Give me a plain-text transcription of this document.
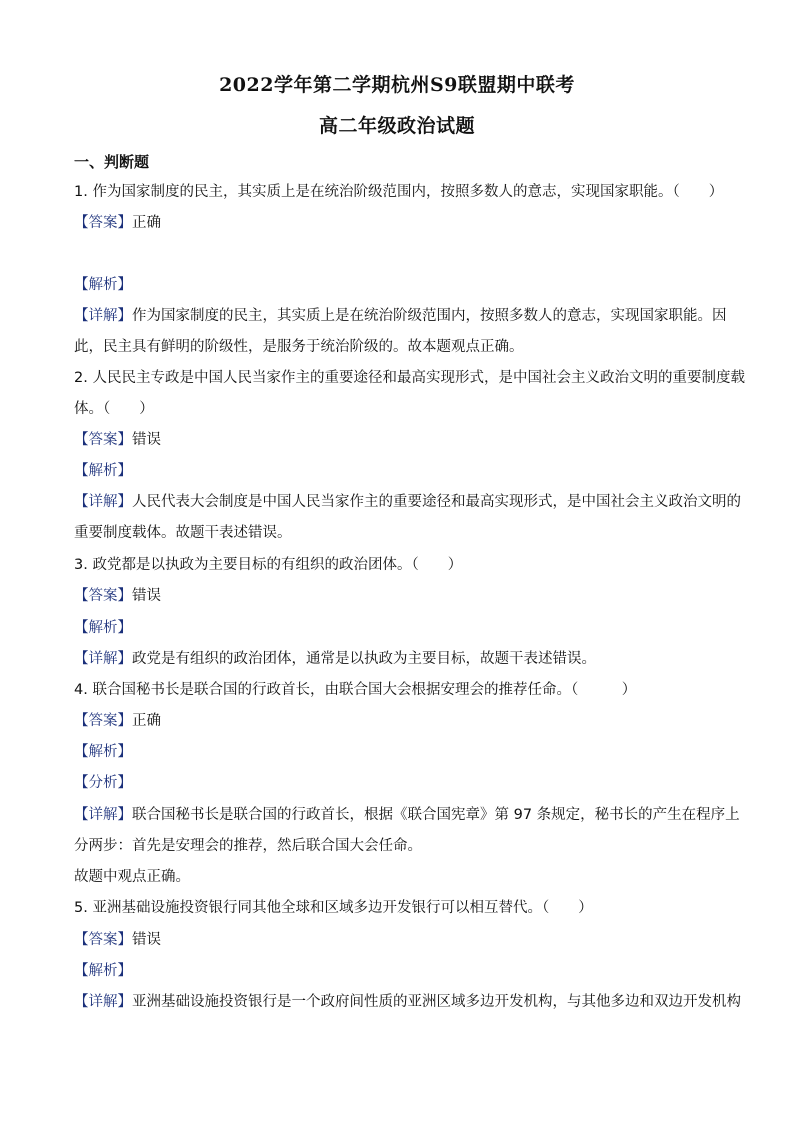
2022学年第二学期杭州S9联盟期中联考
高二年级政治试题
一、判断题
1. 作为国家制度的民主，其实质上是在统治阶级范围内，按照多数人的意志，实现国家职能。（　　）
【答案】正确
【解析】
【详解】作为国家制度的民主，其实质上是在统治阶级范围内，按照多数人的意志，实现国家职能。因
此，民主具有鲜明的阶级性，是服务于统治阶级的。故本题观点正确。
2. 人民民主专政是中国人民当家作主的重要途径和最高实现形式，是中国社会主义政治文明的重要制度载
体。（　　）
【答案】错误
【解析】
【详解】人民代表大会制度是中国人民当家作主的重要途径和最高实现形式，是中国社会主义政治文明的
重要制度载体。故题干表述错误。
3. 政党都是以执政为主要目标的有组织的政治团体。（　　）
【答案】错误
【解析】
【详解】政党是有组织的政治团体，通常是以执政为主要目标，故题干表述错误。
4. 联合国秘书长是联合国的行政首长，由联合国大会根据安理会的推荐任命。（　　　）
【答案】正确
【解析】
【分析】
【详解】联合国秘书长是联合国的行政首长，根据《联合国宪章》第 97 条规定，秘书长的产生在程序上
分两步：首先是安理会的推荐，然后联合国大会任命。
故题中观点正确。
5. 亚洲基础设施投资银行同其他全球和区域多边开发银行可以相互替代。（　　）
【答案】错误
【解析】
【详解】亚洲基础设施投资银行是一个政府间性质的亚洲区域多边开发机构，与其他多边和双边开发机构
